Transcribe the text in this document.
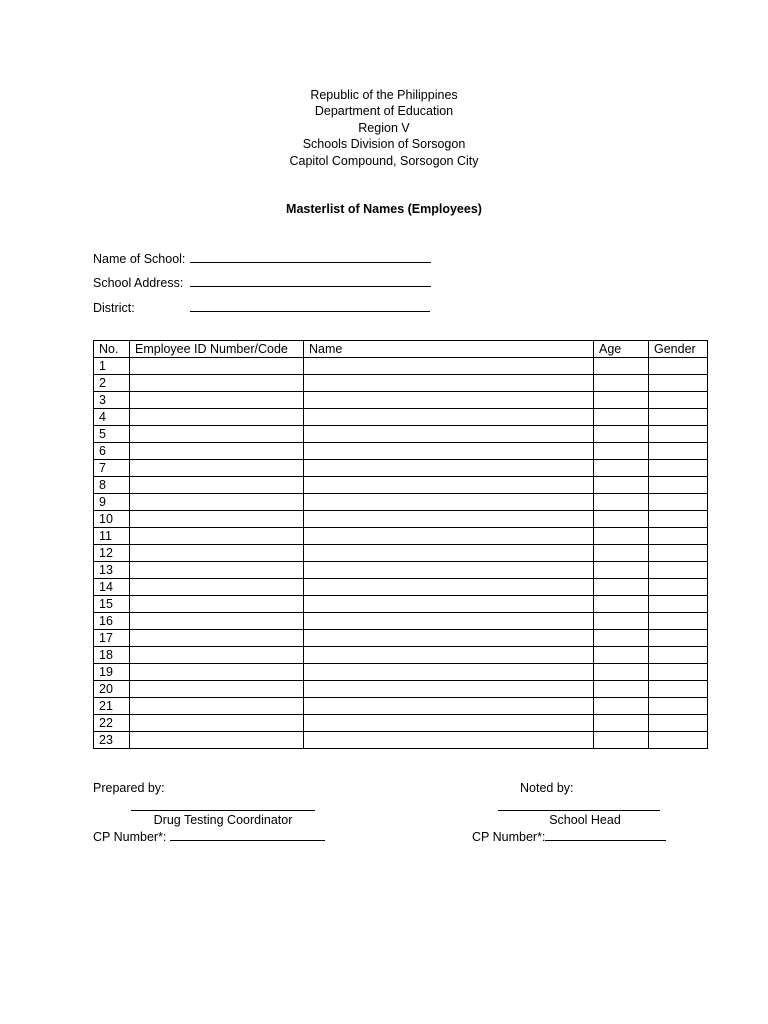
Republic of the Philippines
Department of Education
Region V
Schools Division of Sorsogon
Capitol Compound, Sorsogon City
Masterlist of Names (Employees)
Name of School:
School Address:
District:
No.	Employee ID Number/Code	Name	Age	Gender
1				
2				
3				
4				
5				
6				
7				
8				
9				
10				
11				
12				
13				
14				
15				
16				
17				
18				
19				
20				
21				
22				
23				
Prepared by:
Drug Testing Coordinator
CP Number*:
Noted by:
School Head
CP Number*:
